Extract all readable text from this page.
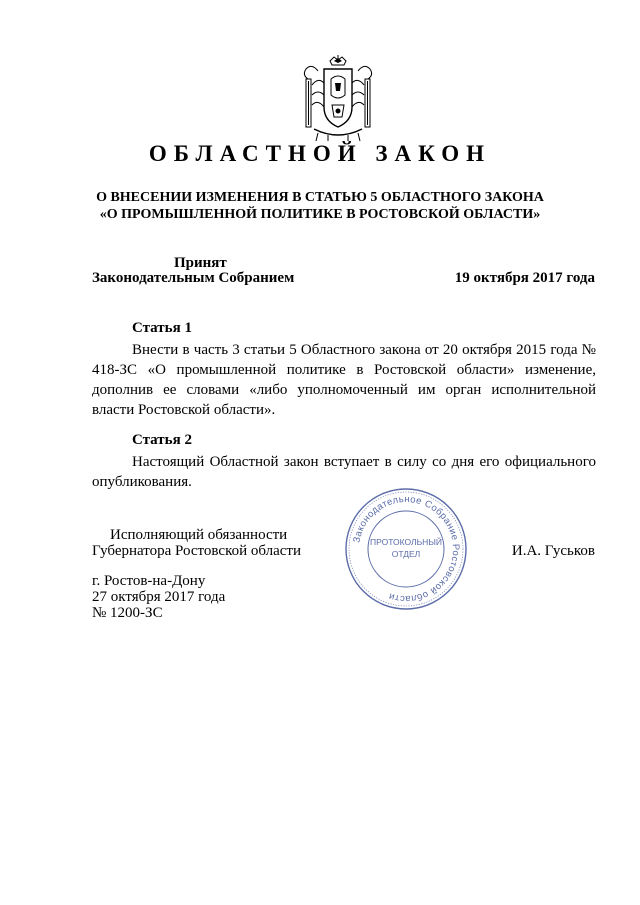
ОБЛАСТНОЙ ЗАКОН
О ВНЕСЕНИИ ИЗМЕНЕНИЯ В СТАТЬЮ 5 ОБЛАСТНОГО ЗАКОНА
«О ПРОМЫШЛЕННОЙ ПОЛИТИКЕ В РОСТОВСКОЙ ОБЛАСТИ»
Принят
Законодательным Собранием	19 октября 2017 года
Статья 1

Внести в часть 3 статьи 5 Областного закона от 20 октября 2015 года № 418-ЗС «О промышленной политике в Ростовской области» изменение, дополнив ее словами «либо уполномоченный им орган исполнительной власти Ростовской области».

Статья 2

Настоящий Областной закон вступает в силу со дня его официального опубликования.

Исполняющий обязанности
Губернатора Ростовской области	И.А. Гуськов
г. Ростов-на-Дону
27 октября 2017 года
№ 1200-ЗС
Законодательное Собрание Ростовской области
ПРОТОКОЛЬНЫЙ
ОТДЕЛ
